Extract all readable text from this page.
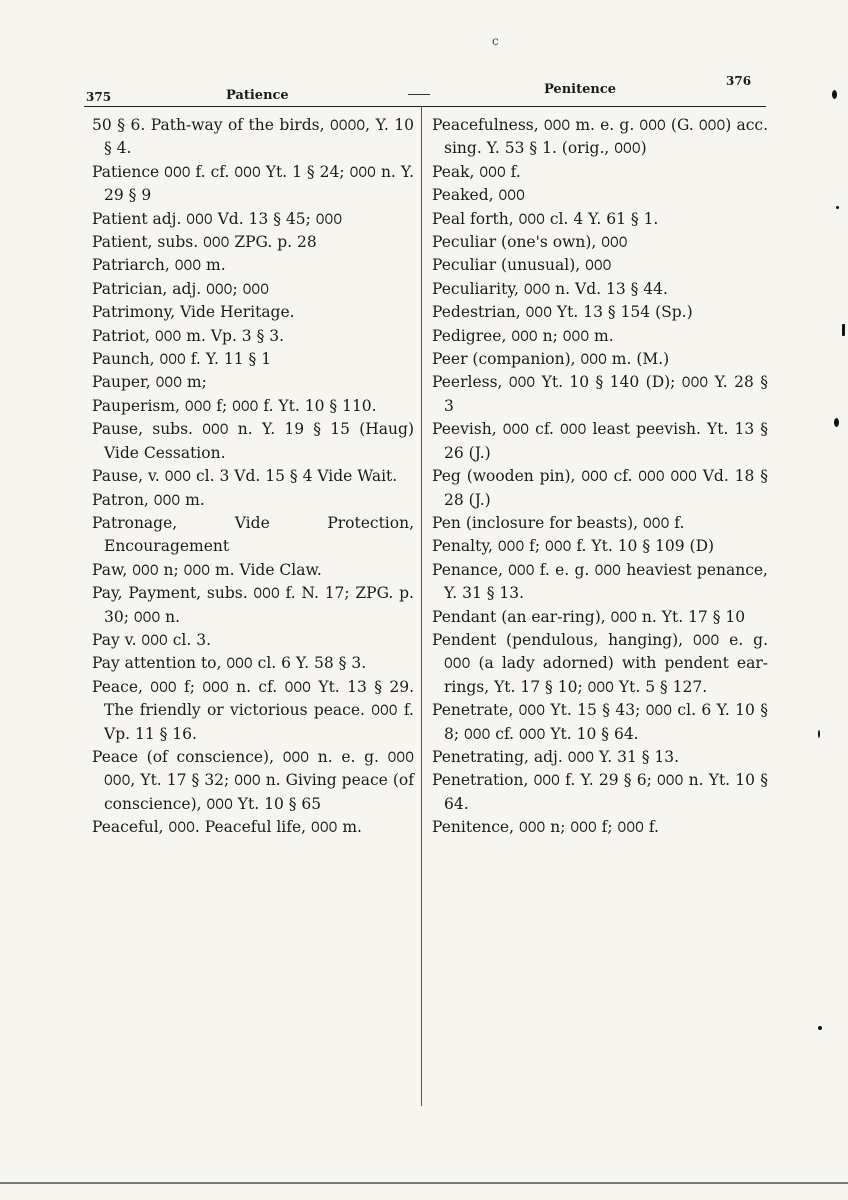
c
375	Patience	Penitence
376
50 § 6. Path-way of the birds, ꣐꣐꣐꣐, Y. 10 § 4.
Patience ꣐꣐꣐ f. cf. ꣐꣐꣐ Yt. 1 § 24; ꣐꣐꣐ n. Y. 29 § 9
Patient adj. ꣐꣐꣐ Vd. 13 § 45; ꣐꣐꣐
Patient, subs. ꣐꣐꣐ ZPG. p. 28
Patriarch, ꣐꣐꣐ m.
Patrician, adj. ꣐꣐꣐; ꣐꣐꣐
Patrimony, Vide Heritage.
Patriot, ꣐꣐꣐ m. Vp. 3 § 3.
Paunch, ꣐꣐꣐ f. Y. 11 § 1
Pauper, ꣐꣐꣐ m;
Pauperism, ꣐꣐꣐ f; ꣐꣐꣐ f. Yt. 10 § 110.
Pause, subs. ꣐꣐꣐ n. Y. 19 § 15 (Haug) Vide Cessation.
Pause, v. ꣐꣐꣐ cl. 3 Vd. 15 § 4 Vide Wait.
Patron, ꣐꣐꣐ m.
Patronage, Vide Protection, Encouragement
Paw, ꣐꣐꣐ n; ꣐꣐꣐ m. Vide Claw.
Pay, Payment, subs. ꣐꣐꣐ f. N. 17; ZPG. p. 30; ꣐꣐꣐ n.
Pay v. ꣐꣐꣐ cl. 3.
Pay attention to, ꣐꣐꣐ cl. 6 Y. 58 § 3.
Peace, ꣐꣐꣐ f; ꣐꣐꣐ n. cf. ꣐꣐꣐ Yt. 13 § 29. The friendly or victorious peace. ꣐꣐꣐ f. Vp. 11 § 16.
Peace (of conscience), ꣐꣐꣐ n. e. g. ꣐꣐꣐ ꣐꣐꣐, Yt. 17 § 32; ꣐꣐꣐ n. Giving peace (of conscience), ꣐꣐꣐ Yt. 10 § 65
Peaceful, ꣐꣐꣐. Peaceful life, ꣐꣐꣐ m.
Peacefulness, ꣐꣐꣐ m. e. g. ꣐꣐꣐ (G. ꣐꣐꣐) acc. sing. Y. 53 § 1. (orig., ꣐꣐꣐)
Peak, ꣐꣐꣐ f.
Peaked, ꣐꣐꣐
Peal forth, ꣐꣐꣐ cl. 4 Y. 61 § 1.
Peculiar (one's own), ꣐꣐꣐
Peculiar (unusual), ꣐꣐꣐
Peculiarity, ꣐꣐꣐ n. Vd. 13 § 44.
Pedestrian, ꣐꣐꣐ Yt. 13 § 154 (Sp.)
Pedigree, ꣐꣐꣐ n; ꣐꣐꣐ m.
Peer (companion), ꣐꣐꣐ m. (M.)
Peerless, ꣐꣐꣐ Yt. 10 § 140 (D); ꣐꣐꣐ Y. 28 § 3
Peevish, ꣐꣐꣐ cf. ꣐꣐꣐ least peevish. Yt. 13 § 26 (J.)
Peg (wooden pin), ꣐꣐꣐ cf. ꣐꣐꣐ ꣐꣐꣐ Vd. 18 § 28 (J.)
Pen (inclosure for beasts), ꣐꣐꣐ f.
Penalty, ꣐꣐꣐ f; ꣐꣐꣐ f. Yt. 10 § 109 (D)
Penance, ꣐꣐꣐ f. e. g. ꣐꣐꣐ heaviest penance, Y. 31 § 13.
Pendant (an ear-ring), ꣐꣐꣐ n. Yt. 17 § 10
Pendent (pendulous, hanging), ꣐꣐꣐ e. g. ꣐꣐꣐ (a lady adorned) with pendent ear-rings, Yt. 17 § 10; ꣐꣐꣐ Yt. 5 § 127.
Penetrate, ꣐꣐꣐ Yt. 15 § 43; ꣐꣐꣐ cl. 6 Y. 10 § 8; ꣐꣐꣐ cf. ꣐꣐꣐ Yt. 10 § 64.
Penetrating, adj. ꣐꣐꣐ Y. 31 § 13.
Penetration, ꣐꣐꣐ f. Y. 29 § 6; ꣐꣐꣐ n. Yt. 10 § 64.
Penitence, ꣐꣐꣐ n; ꣐꣐꣐ f; ꣐꣐꣐ f.
